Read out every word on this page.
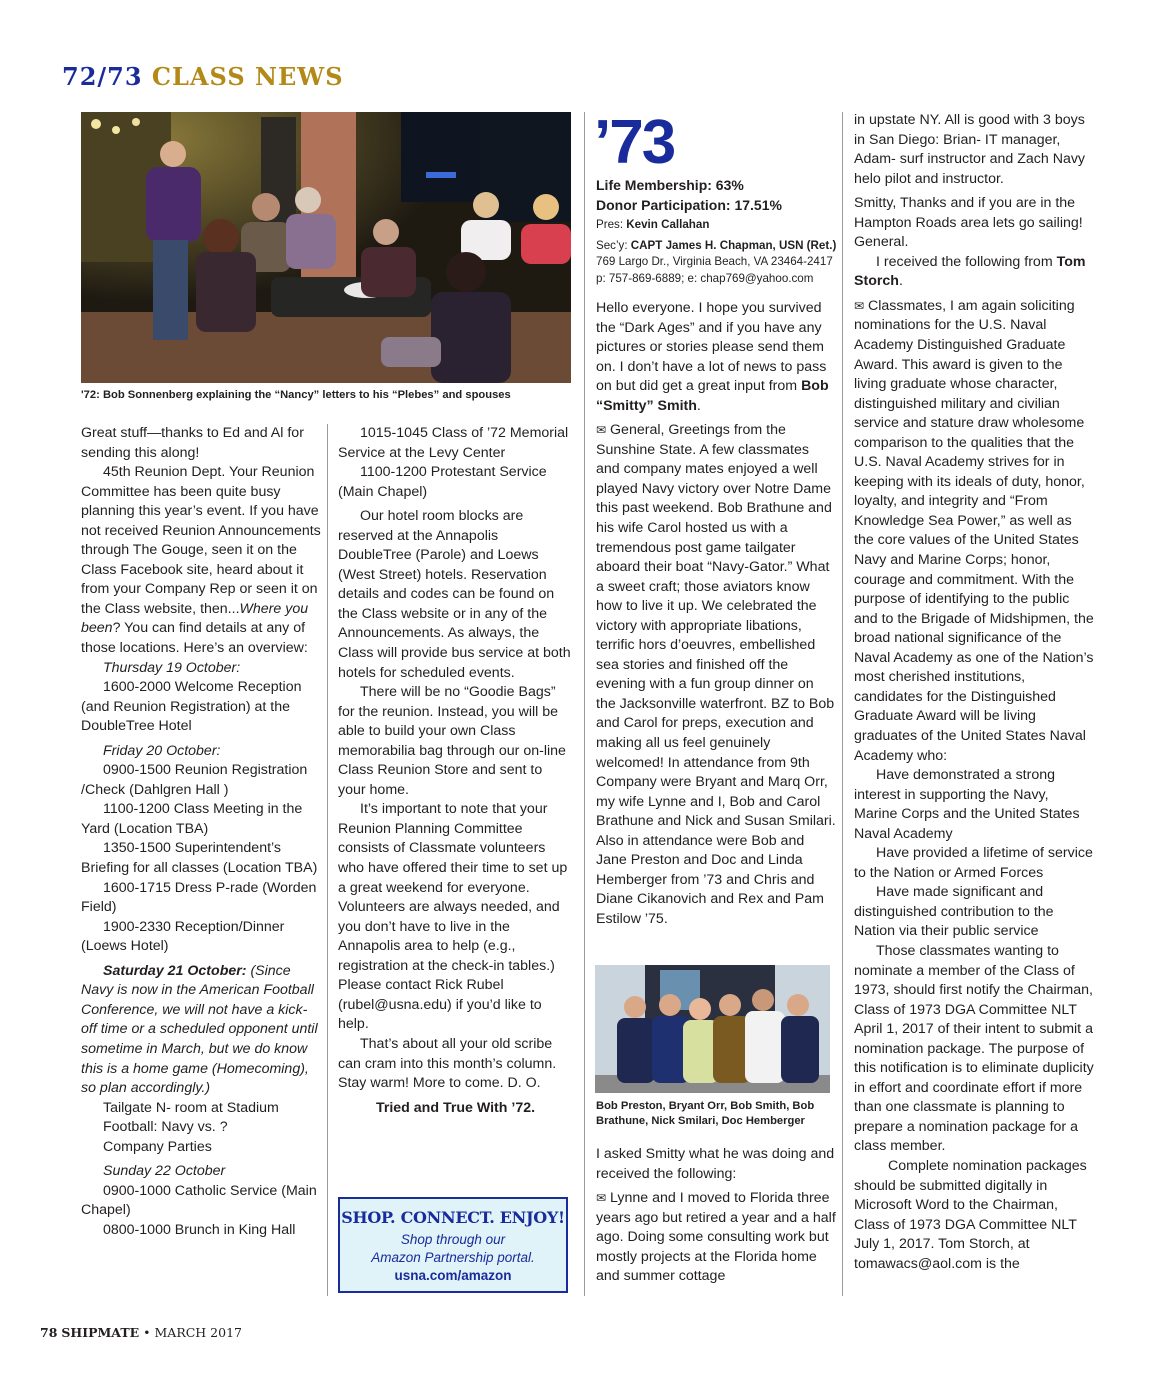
72/73 CLASS NEWS
'72: Bob Sonnenberg explaining the “Nancy” letters to his “Plebes” and spouses

Great stuff—thanks to Ed and Al for sending this along!

45th Reunion Dept. Your Reunion Committee has been quite busy planning this year’s event. If you have not received Reunion Announcements through The Gouge, seen it on the Class Facebook site, heard about it from your Company Rep or seen it on the Class website, then...Where you been? You can find details at any of those locations. Here’s an overview:

Thursday 19 October:

1600-2000 Welcome Reception (and Reunion Registration) at the DoubleTree Hotel

Friday 20 October:

0900-1500 Reunion Registration /Check (Dahlgren Hall )

1100-1200 Class Meeting in the Yard (Location TBA)

1350-1500 Superintendent’s Briefing for all classes (Location TBA)

1600-1715 Dress P-rade (Worden Field)

1900-2330 Reception/Dinner (Loews Hotel)

Saturday 21 October: (Since Navy is now in the American Football Conference, we will not have a kick-off time or a scheduled opponent until sometime in March, but we do know this is a home game (Homecoming), so plan accordingly.)

Tailgate N- room at Stadium

Football: Navy vs. ?

Company Parties

Sunday 22 October

0900-1000 Catholic Service (Main Chapel)

0800-1000 Brunch in King Hall

1015-1045 Class of ’72 Memorial Service at the Levy Center

1100-1200 Protestant Service (Main Chapel)

Our hotel room blocks are reserved at the Annapolis DoubleTree (Parole) and Loews (West Street) hotels. Reservation details and codes can be found on the Class website or in any of the Announcements. As always, the Class will provide bus service at both hotels for scheduled events.

There will be no “Goodie Bags” for the reunion. Instead, you will be able to build your own Class memorabilia bag through our on-line Class Reunion Store and sent to your home.

It’s important to note that your Reunion Planning Committee consists of Classmate volunteers who have offered their time to set up a great weekend for everyone. Volunteers are always needed, and you don’t have to live in the Annapolis area to help (e.g., registration at the check-in tables.) Please contact Rick Rubel (rubel@usna.edu) if you’d like to help.

That’s about all your old scribe can cram into this month’s column. Stay warm! More to come. D. O.

Tried and True With ’72.

SHOP. CONNECT. ENJOY!
Shop through our
Amazon Partnership portal.
usna.com/amazon
’73
Life Membership: 63%
Donor Participation: 17.51%
Pres: Kevin Callahan
Sec’y: CAPT James H. Chapman, USN (Ret.)
769 Largo Dr., Virginia Beach, VA 23464-2417
p: 757-869-6889; e: chap769@yahoo.com

Hello everyone. I hope you survived the “Dark Ages” and if you have any pictures or stories please send them on. I don’t have a lot of news to pass on but did get a great input from Bob “Smitty” Smith.

✉ General, Greetings from the Sunshine State. A few classmates and company mates enjoyed a well played Navy victory over Notre Dame this past weekend. Bob Brathune and his wife Carol hosted us with a tremendous post game tailgater aboard their boat “Navy-Gator.” What a sweet craft; those aviators know how to live it up. We celebrated the victory with appropriate libations, terrific hors d’oeuvres, embellished sea stories and finished off the evening with a fun group dinner on the Jacksonville waterfront. BZ to Bob and Carol for preps, execution and making all us feel genuinely welcomed! In attendance from 9th Company were Bryant and Marq Orr, my wife Lynne and I, Bob and Carol Brathune and Nick and Susan Smilari. Also in attendance were Bob and Jane Preston and Doc and Linda Hemberger from ’73 and Chris and Diane Cikanovich and Rex and Pam Estilow ’75.

Bob Preston, Bryant Orr, Bob Smith, Bob Brathune, Nick Smilari, Doc Hemberger

I asked Smitty what he was doing and received the following:

✉ Lynne and I moved to Florida three years ago but retired a year and a half ago. Doing some consulting work but mostly projects at the Florida home and summer cottage

in upstate NY. All is good with 3 boys in San Diego: Brian- IT manager, Adam- surf instructor and Zach Navy helo pilot and instructor.

Smitty, Thanks and if you are in the Hampton Roads area lets go sailing! General.

I received the following from Tom Storch.

✉ Classmates, I am again soliciting nominations for the U.S. Naval Academy Distinguished Graduate Award. This award is given to the living graduate whose character, distinguished military and civilian service and stature draw wholesome comparison to the qualities that the U.S. Naval Academy strives for in keeping with its ideals of duty, honor, loyalty, and integrity and “From Knowledge Sea Power,” as well as the core values of the United States Navy and Marine Corps; honor, courage and commitment. With the purpose of identifying to the public and to the Brigade of Midshipmen, the broad national significance of the Naval Academy as one of the Nation’s most cherished institutions, candidates for the Distinguished Graduate Award will be living graduates of the United States Naval Academy who:

Have demonstrated a strong interest in supporting the Navy, Marine Corps and the United States Naval Academy

Have provided a lifetime of service to the Nation or Armed Forces

Have made significant and distinguished contribution to the Nation via their public service

Those classmates wanting to nominate a member of the Class of 1973, should first notify the Chairman, Class of 1973 DGA Committee NLT April 1, 2017 of their intent to submit a nomination package. The purpose of this notification is to eliminate duplicity in effort and coordinate effort if more than one classmate is planning to prepare a nomination package for a class member.

Complete nomination packages should be submitted digitally in Microsoft Word to the Chairman, Class of 1973 DGA Committee NLT July 1, 2017. Tom Storch, at tomawacs@aol.com is the

78 SHIPMATE • MARCH 2017
